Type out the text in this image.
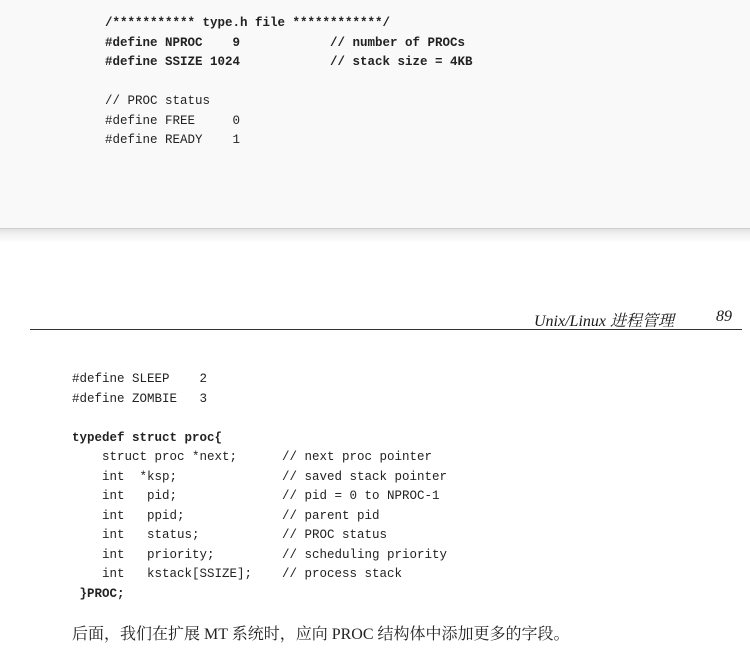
/*********** type.h file ************/
#define NPROC    9            // number of PROCs
#define SSIZE 1024            // stack size = 4KB

// PROC status
#define FREE     0
#define READY    1
Unix/Linux 进程管理	89
#define SLEEP    2
#define ZOMBIE   3

typedef struct proc{
struct proc *next;      // next proc pointer
int  *ksp;              // saved stack pointer
int   pid;              // pid = 0 to NPROC-1
int   ppid;             // parent pid
int   status;           // PROC status
int   priority;         // scheduling priority
int   kstack[SSIZE];    // process stack
}PROC;
后面，我们在扩展 MT 系统时，应向 PROC 结构体中添加更多的字段。
